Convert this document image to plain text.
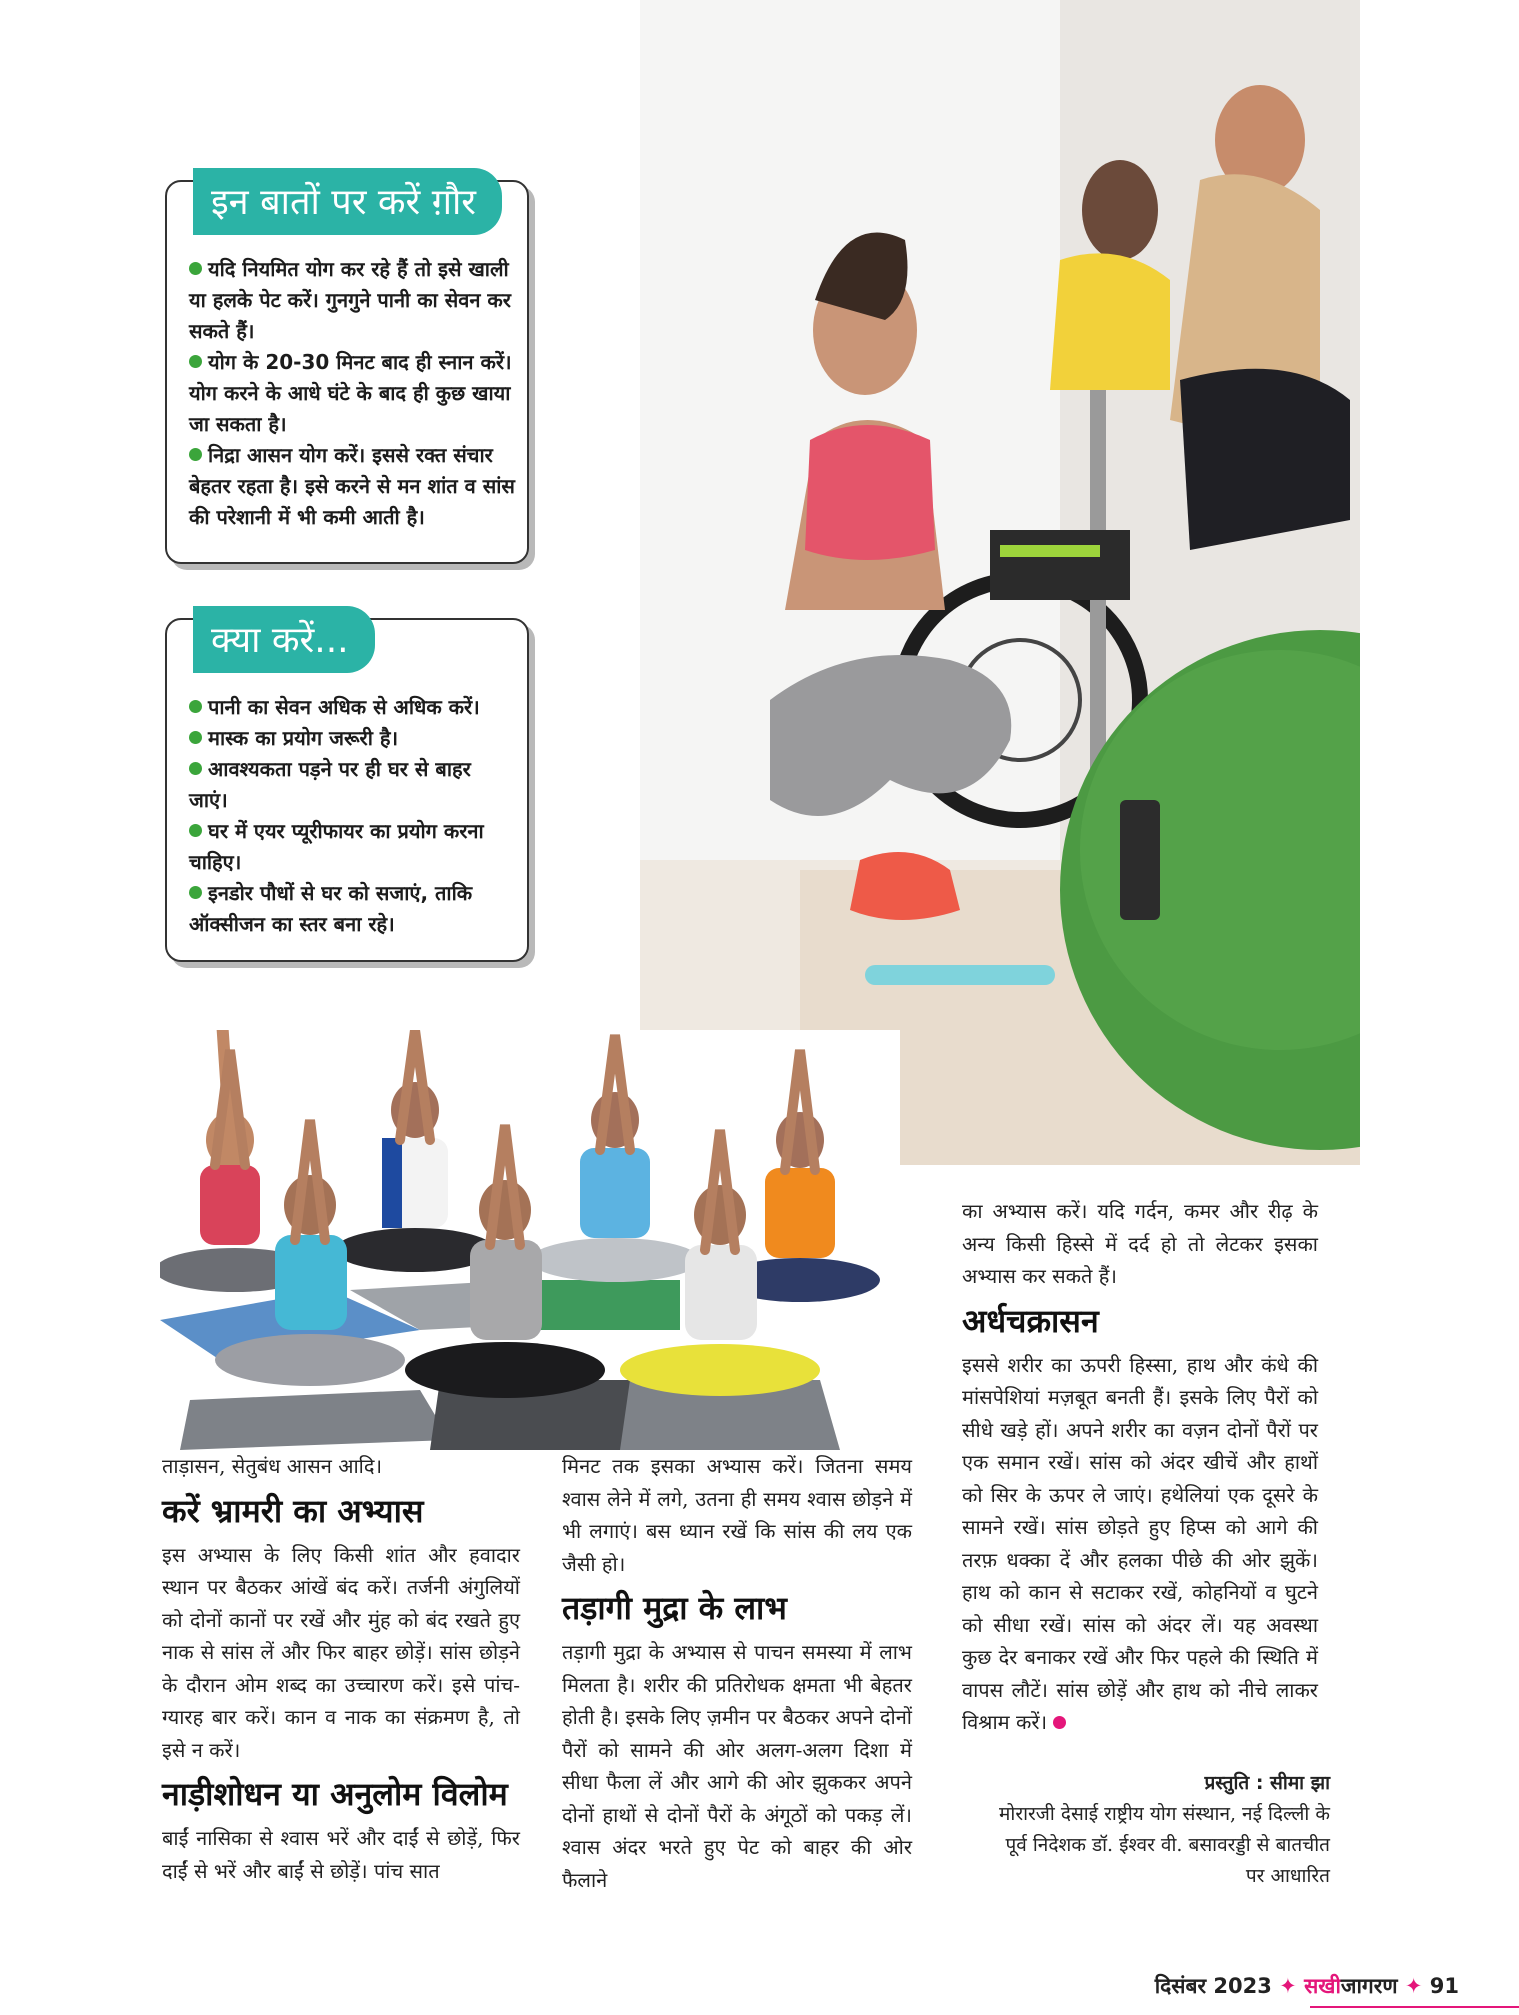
इन बातों पर करें ग़ौर
यदि नियमित योग कर रहे हैं तो इसे खाली या हलके पेट करें। गुनगुने पानी का सेवन कर सकते हैं।
योग के 20-30 मिनट बाद ही स्नान करें। योग करने के आधे घंटे के बाद ही कुछ खाया जा सकता है।
निद्रा आसन योग करें। इससे रक्त संचार बेहतर रहता है। इसे करने से मन शांत व सांस की परेशानी में भी कमी आती है।
क्या करें...
पानी का सेवन अधिक से अधिक करें।
मास्क का प्रयोग जरूरी है।
आवश्यकता पड़ने पर ही घर से बाहर जाएं।
घर में एयर प्यूरीफायर का प्रयोग करना चाहिए।
इनडोर पौधों से घर को सजाएं, ताकि ऑक्सीजन का स्तर बना रहे।

ताड़ासन, सेतुबंध आसन आदि।

करें भ्रामरी का अभ्यास

इस अभ्यास के लिए किसी शांत और हवादार स्थान पर बैठकर आंखें बंद करें। तर्जनी अंगुलियों को दोनों कानों पर रखें और मुंह को बंद रखते हुए नाक से सांस लें और फिर बाहर छोड़ें। सांस छोड़ने के दौरान ओम शब्द का उच्चारण करें। इसे पांच-ग्यारह बार करें। कान व नाक का संक्रमण है, तो इसे न करें।

नाड़ीशोधन या अनुलोम विलोम

बाईं नासिका से श्वास भरें और दाईं से छोड़ें, फिर दाईं से भरें और बाईं से छोड़ें। पांच सात

मिनट तक इसका अभ्यास करें। जितना समय श्वास लेने में लगे, उतना ही समय श्वास छोड़ने में भी लगाएं। बस ध्यान रखें कि सांस की लय एक जैसी हो।

तड़ागी मुद्रा के लाभ

तड़ागी मुद्रा के अभ्यास से पाचन समस्या में लाभ मिलता है। शरीर की प्रतिरोधक क्षमता भी बेहतर होती है। इसके लिए ज़मीन पर बैठकर अपने दोनों पैरों को सामने की ओर अलग-अलग दिशा में सीधा फैला लें और आगे की ओर झुककर अपने दोनों हाथों से दोनों पैरों के अंगूठों को पकड़ लें। श्वास अंदर भरते हुए पेट को बाहर की ओर फैलाने

का अभ्यास करें। यदि गर्दन, कमर और रीढ़ के अन्य किसी हिस्से में दर्द हो तो लेटकर इसका अभ्यास कर सकते हैं।

अर्धचक्रासन

इससे शरीर का ऊपरी हिस्सा, हाथ और कंधे की मांसपेशियां मज़बूत बनती हैं। इसके लिए पैरों को सीधे खड़े हों। अपने शरीर का वज़न दोनों पैरों पर एक समान रखें। सांस को अंदर खीचें और हाथों को सिर के ऊपर ले जाएं। हथेलियां एक दूसरे के सामने रखें। सांस छोड़ते हुए हिप्स को आगे की तरफ़ धक्का दें और हलका पीछे की ओर झुकें। हाथ को कान से सटाकर रखें, कोहनियों व घुटने को सीधा रखें। सांस को अंदर लें। यह अवस्था कुछ देर बनाकर रखें और फिर पहले की स्थिति में वापस लौटें। सांस छोड़ें और हाथ को नीचे लाकर विश्राम करें।

प्रस्तुति : सीमा झा
मोरारजी देसाई राष्ट्रीय योग संस्थान, नई दिल्ली के पूर्व निदेशक डॉ. ईश्वर वी. बसावरड्डी से बातचीत पर आधारित
दिसंबर 2023 ✦ सखीजागरण ✦ 91
